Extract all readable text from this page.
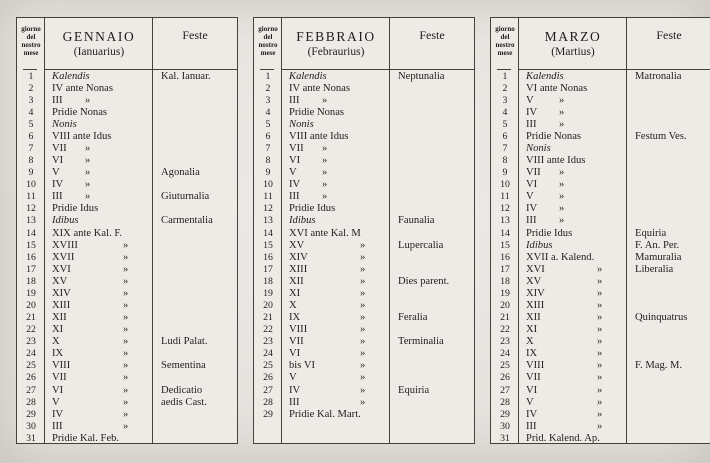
giorno
del
nostro
mese
GENNAIO
(Ianuarius)
Feste
1	Kalendis	Kal. Ianuar.
2	IV ante Nonas
3	III »
4	Pridie Nonas
5	Nonis
6	VIII ante Idus
7	VII »
8	VI »
9	V »	Agonalia
10	IV »
11	III »	Giuturnalia
12	Pridie Idus
13	Idibus	Carmentalia
14	XIX ante Kal. F.
15	XVIII	»
16	XVII	»
17	XVI	»
18	XV	»
19	XIV	»
20	XIII	»
21	XII	»
22	XI	»
23	X	»	Ludi Palat.
24	IX	»
25	VIII	»	Sementina
26	VII	»
27	VI	»	Dedicatio
28	V	»	aedis Cast.
29	IV	»
30	III	»
31	Pridie Kal. Feb.
giorno
del
nostro
mese
FEBBRAIO
(Febraurius)
Feste
1	Kalendis	Neptunalia
2	IV ante Nonas
3	III »
4	Pridie Nonas
5	Nonis
6	VIII ante Idus
7	VII »
8	VI »
9	V »
10	IV »
11	III »
12	Pridie Idus
13	Idibus	Faunalia
14	XVI ante Kal. M
15	XV	»	Lupercalia
16	XIV	»
17	XIII	»
18	XII	»	Dies parent.
19	XI	»
20	X	»
21	IX	»	Feralia
22	VIII	»
23	VII	»	Terminalia
24	VI	»
25	bis VI	»
26	V	»
27	IV	»	Equiria
28	III	»
29	Pridie Kal. Mart.
giorno
del
nostro
mese
MARZO
(Martius)
Feste
1	Kalendis	Matronalia
2	VI ante Nonas
3	V »
4	IV »
5	III »
6	Pridie Nonas	Festum Ves.
7	Nonis
8	VIII ante Idus
9	VII »
10	VI »
11	V »
12	IV »
13	III »
14	Pridie Idus	Equiria
15	Idibus	F. An. Per.
16	XVII a. Kalend.	Mamuralia
17	XVI	»	Liberalia
18	XV	»
19	XIV	»
20	XIII	»
21	XII	»	Quinquatrus
22	XI	»
23	X	»
24	IX	»
25	VIII	»	F. Mag. M.
26	VII	»
27	VI	»
28	V	»
29	IV	»
30	III	»
31	Prid. Kalend. Ap.
